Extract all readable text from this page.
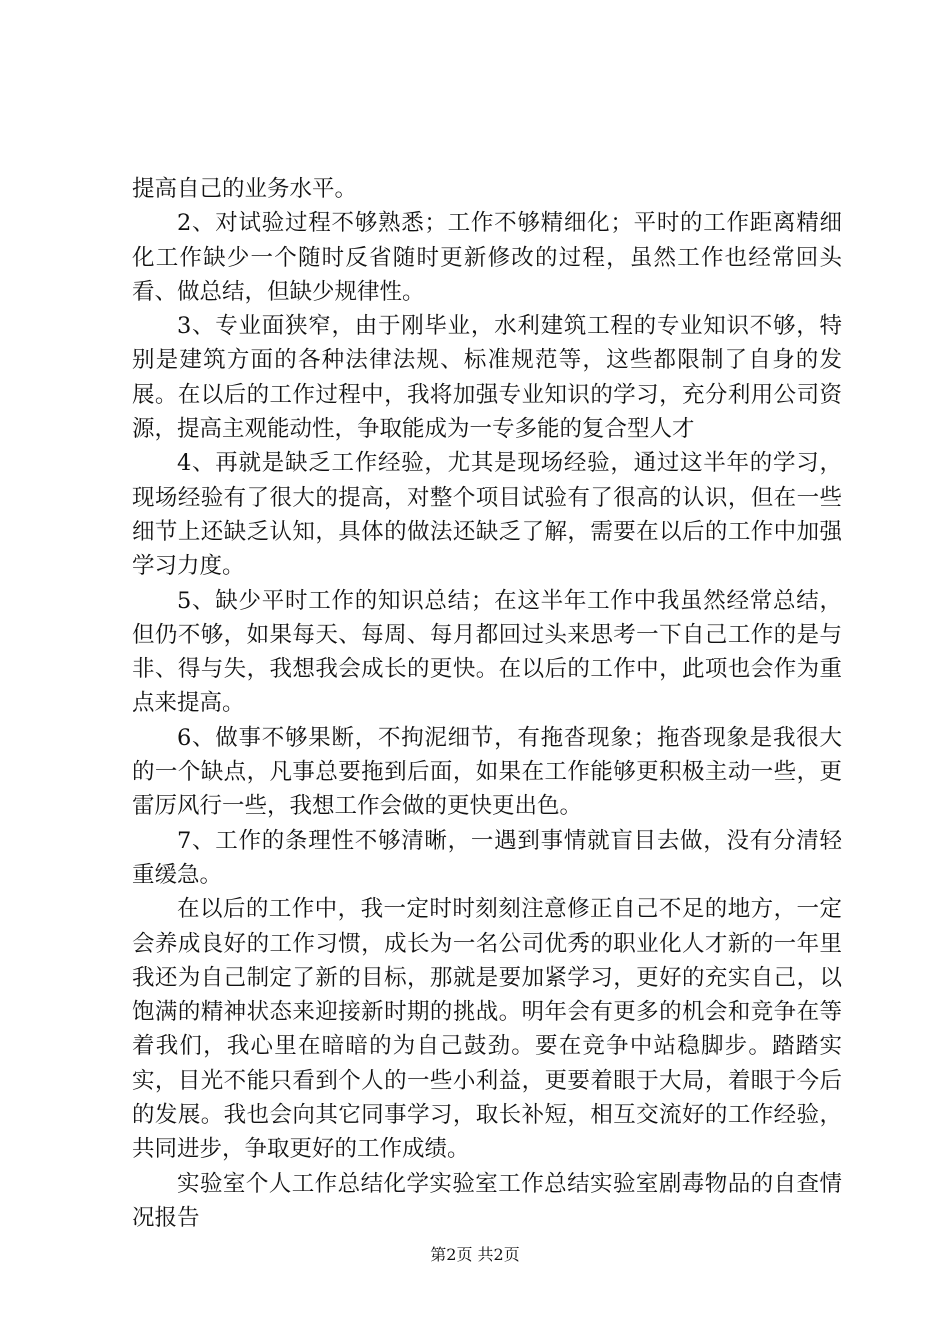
提高自己的业务水平。

2、对试验过程不够熟悉；工作不够精细化；平时的工作距离精细化工作缺少一个随时反省随时更新修改的过程，虽然工作也经常回头看、做总结，但缺少规律性。

3、专业面狭窄，由于刚毕业，水利建筑工程的专业知识不够，特别是建筑方面的各种法律法规、标准规范等，这些都限制了自身的发展。在以后的工作过程中，我将加强专业知识的学习，充分利用公司资源，提高主观能动性，争取能成为一专多能的复合型人才

4、再就是缺乏工作经验，尤其是现场经验，通过这半年的学习，现场经验有了很大的提高，对整个项目试验有了很高的认识，但在一些细节上还缺乏认知，具体的做法还缺乏了解，需要在以后的工作中加强学习力度。

5、缺少平时工作的知识总结；在这半年工作中我虽然经常总结，但仍不够，如果每天、每周、每月都回过头来思考一下自己工作的是与非、得与失，我想我会成长的更快。在以后的工作中，此项也会作为重点来提高。

6、做事不够果断，不拘泥细节，有拖沓现象；拖沓现象是我很大的一个缺点，凡事总要拖到后面，如果在工作能够更积极主动一些，更雷厉风行一些，我想工作会做的更快更出色。

7、工作的条理性不够清晰，一遇到事情就盲目去做，没有分清轻重缓急。

在以后的工作中，我一定时时刻刻注意修正自己不足的地方，一定会养成良好的工作习惯，成长为一名公司优秀的职业化人才新的一年里我还为自己制定了新的目标，那就是要加紧学习，更好的充实自己，以饱满的精神状态来迎接新时期的挑战。明年会有更多的机会和竞争在等着我们，我心里在暗暗的为自己鼓劲。要在竞争中站稳脚步。踏踏实实，目光不能只看到个人的一些小利益，更要着眼于大局，着眼于今后的发展。我也会向其它同事学习，取长补短，相互交流好的工作经验，共同进步，争取更好的工作成绩。

实验室个人工作总结化学实验室工作总结实验室剧毒物品的自查情况报告

第2页 共2页
